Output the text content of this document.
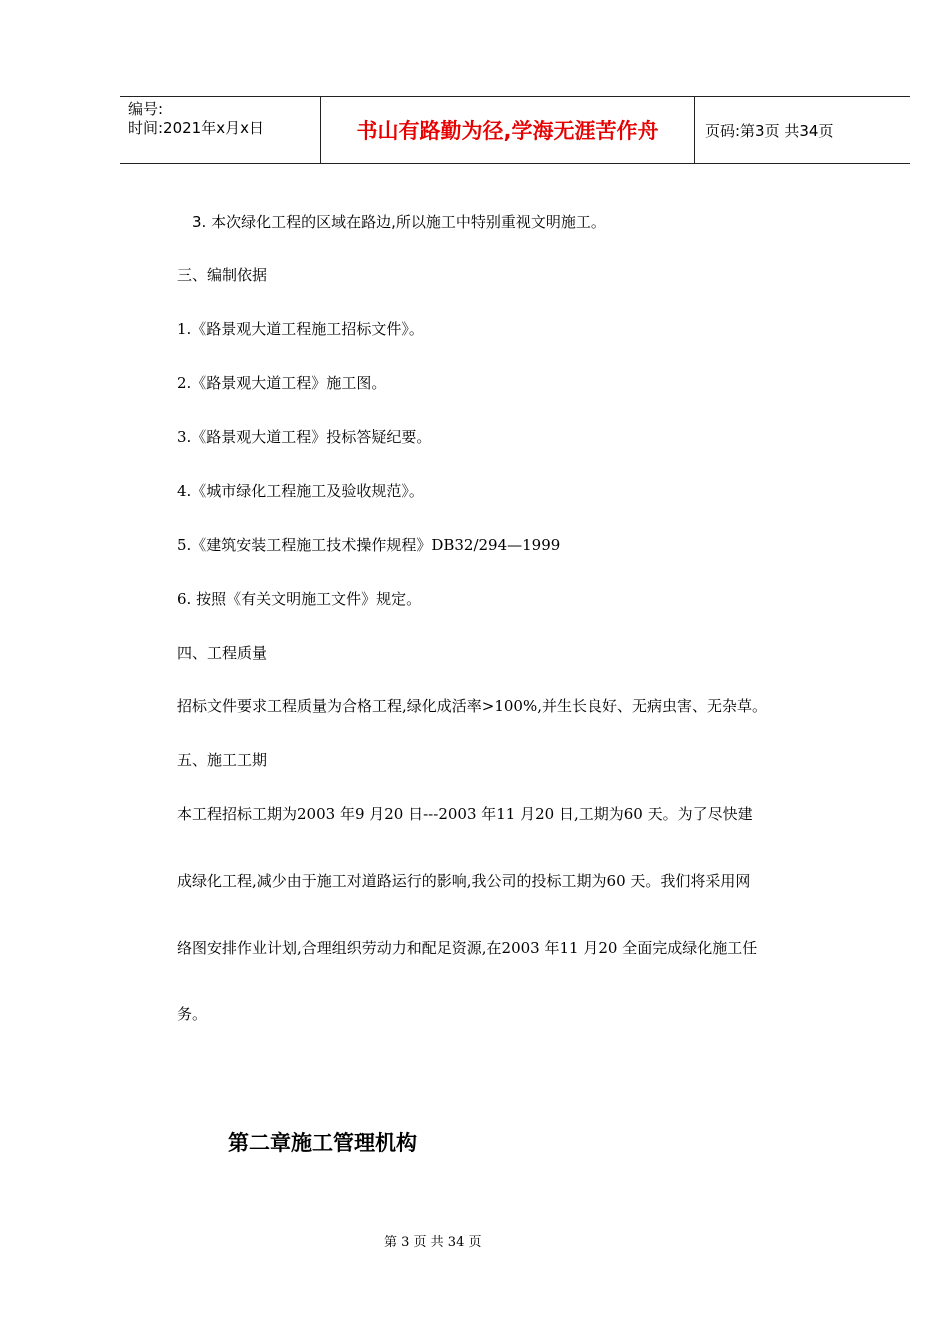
编号:
时间:2021年x月x日	书山有路勤为径,学海无涯苦作舟	页码:第3页 共34页
3. 本次绿化工程的区域在路边,所以施工中特别重视文明施工。
三、编制依据
1.《路景观大道工程施工招标文件》。
2.《路景观大道工程》施工图。
3.《路景观大道工程》投标答疑纪要。
4.《城市绿化工程施工及验收规范》。
5.《建筑安装工程施工技术操作规程》DB32/294—1999
6. 按照《有关文明施工文件》规定。
四、工程质量
招标文件要求工程质量为合格工程,绿化成活率>100%,并生长良好、无病虫害、无杂草。
五、施工工期
本工程招标工期为2003 年9 月20 日---2003 年11 月20 日,工期为60 天。为了尽快建
成绿化工程,减少由于施工对道路运行的影响,我公司的投标工期为60 天。我们将采用网
络图安排作业计划,合理组织劳动力和配足资源,在2003 年11 月20 全面完成绿化施工任
务。
第二章施工管理机构
第 3 页 共 34 页
